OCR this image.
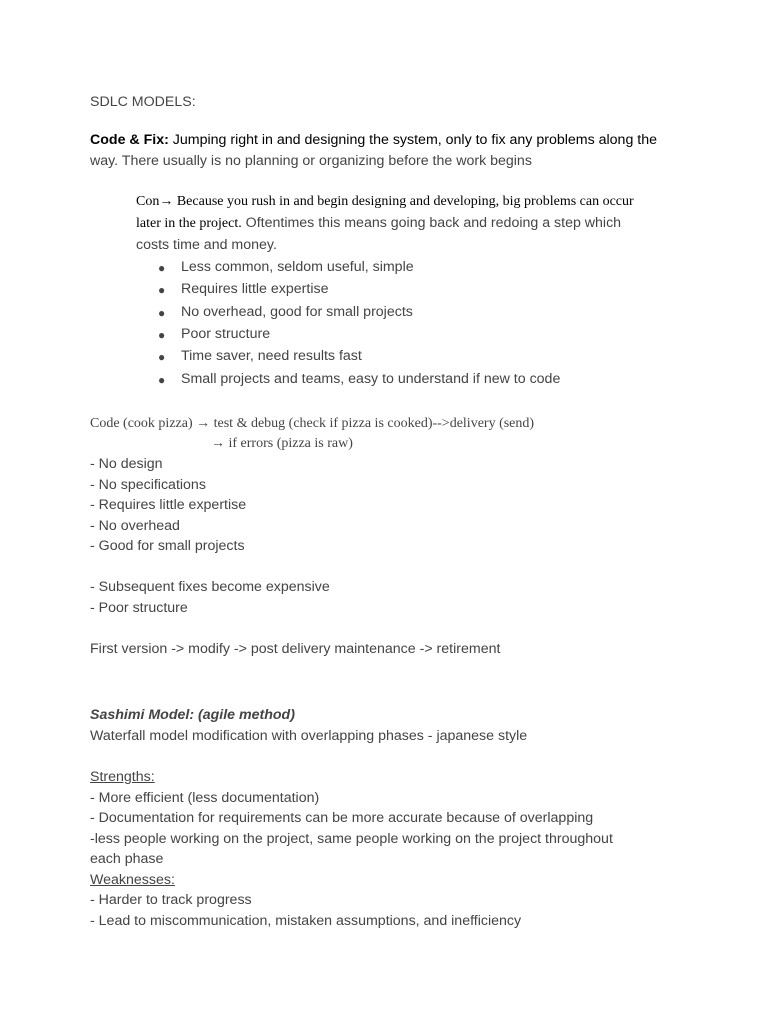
SDLC MODELS:
Code & Fix: Jumping right in and designing the system, only to fix any problems along the
way. There usually is no planning or organizing before the work begins
Con→ Because you rush in and begin designing and developing, big problems can occur
later in the project. Oftentimes this means going back and redoing a step which
costs time and money.
● Less common, seldom useful, simple
● Requires little expertise
● No overhead, good for small projects
● Poor structure
● Time saver, need results fast
● Small projects and teams, easy to understand if new to code
Code (cook pizza) → test & debug (check if pizza is cooked)-->delivery (send)
→ if errors (pizza is raw)
- No design
- No specifications
- Requires little expertise
- No overhead
- Good for small projects
- Subsequent fixes become expensive
- Poor structure
First version -> modify -> post delivery maintenance -> retirement
Sashimi Model: (agile method)
Waterfall model modification with overlapping phases - japanese style
Strengths:
- More efficient (less documentation)
- Documentation for requirements can be more accurate because of overlapping
-less people working on the project, same people working on the project throughout
each phase
Weaknesses:
- Harder to track progress
- Lead to miscommunication, mistaken assumptions, and inefficiency
